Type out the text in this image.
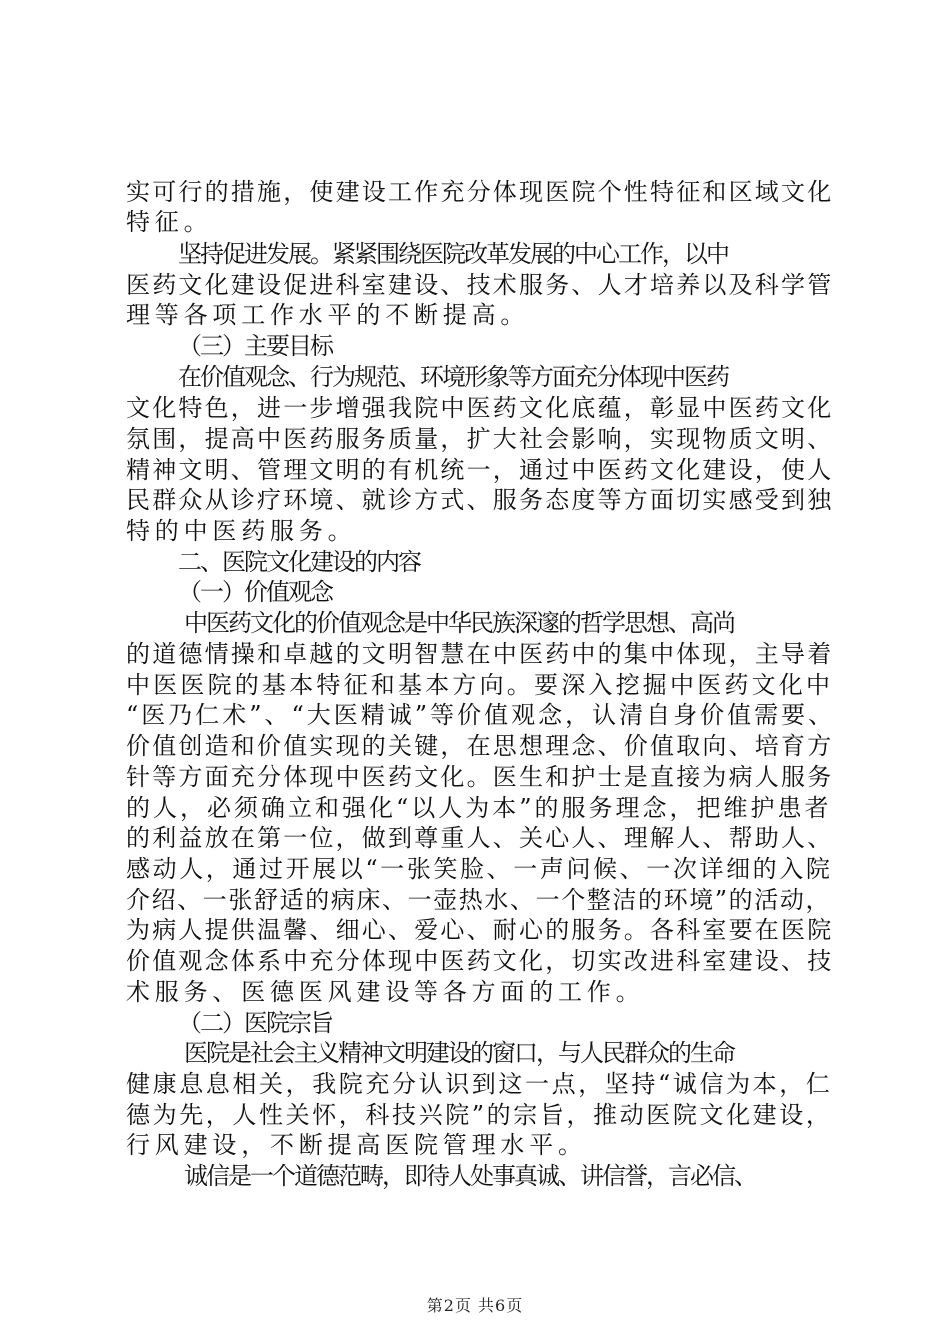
实可行的措施，使建设工作充分体现医院个性特征和区域文化
特征。
坚持促进发展。紧紧围绕医院改革发展的中心工作，以中
医药文化建设促进科室建设、技术服务、人才培养以及科学管
理等各项工作水平的不断提高。
（三）主要目标
在价值观念、行为规范、环境形象等方面充分体现中医药
文化特色，进一步增强我院中医药文化底蕴，彰显中医药文化
氛围，提高中医药服务质量，扩大社会影响，实现物质文明、
精神文明、管理文明的有机统一，通过中医药文化建设，使人
民群众从诊疗环境、就诊方式、服务态度等方面切实感受到独
特的中医药服务。
二、医院文化建设的内容
（一）价值观念
中医药文化的价值观念是中华民族深邃的哲学思想、高尚
的道德情操和卓越的文明智慧在中医药中的集中体现，主导着
中医医院的基本特征和基本方向。要深入挖掘中医药文化中
“医乃仁术”、“大医精诚”等价值观念，认清自身价值需要、
价值创造和价值实现的关键，在思想理念、价值取向、培育方
针等方面充分体现中医药文化。医生和护士是直接为病人服务
的人，必须确立和强化“以人为本”的服务理念，把维护患者
的利益放在第一位，做到尊重人、关心人、理解人、帮助人、
感动人，通过开展以“一张笑脸、一声问候、一次详细的入院
介绍、一张舒适的病床、一壶热水、一个整洁的环境”的活动，
为病人提供温馨、细心、爱心、耐心的服务。各科室要在医院
价值观念体系中充分体现中医药文化，切实改进科室建设、技
术服务、医德医风建设等各方面的工作。
（二）医院宗旨
医院是社会主义精神文明建设的窗口，与人民群众的生命
健康息息相关，我院充分认识到这一点，坚持“诚信为本，仁
德为先，人性关怀，科技兴院”的宗旨，推动医院文化建设，
行风建设，不断提高医院管理水平。
诚信是一个道德范畴，即待人处事真诚、讲信誉，言必信、
第2页 共6页
